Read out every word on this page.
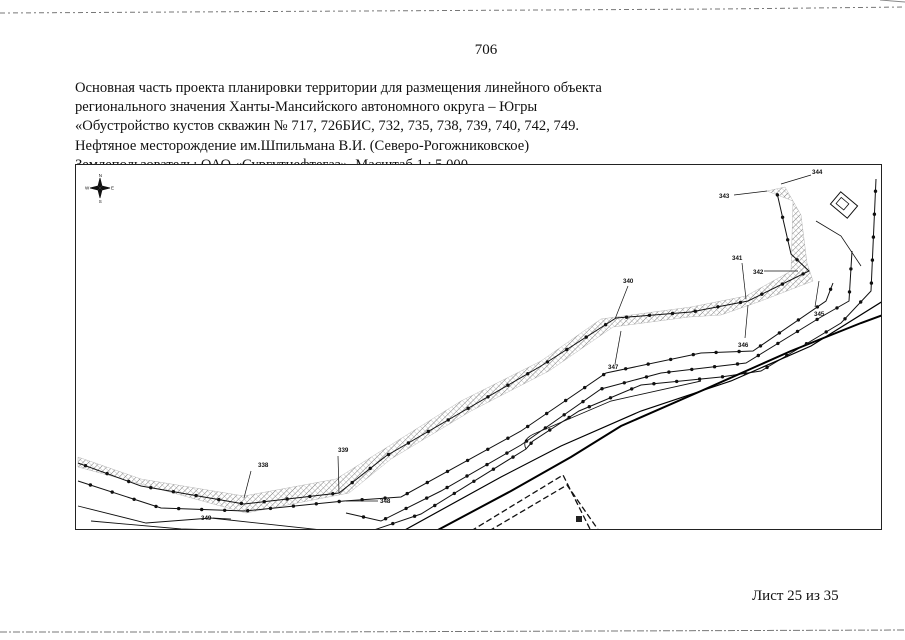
706
Основная часть проекта планировки территории для размещения линейного объекта
регионального значения Ханты-Мансийского автономного округа – Югры
«Обустройство кустов скважин № 717, 726БИС, 732, 735, 738, 739, 740, 742, 749.
Нефтяное месторождение им.Шпильмана В.И. (Северо-Рогожниковское)
338
339
340
341
342
343
344
345
346
347
348
349
N
S
W	E
Лист 25 из 35
